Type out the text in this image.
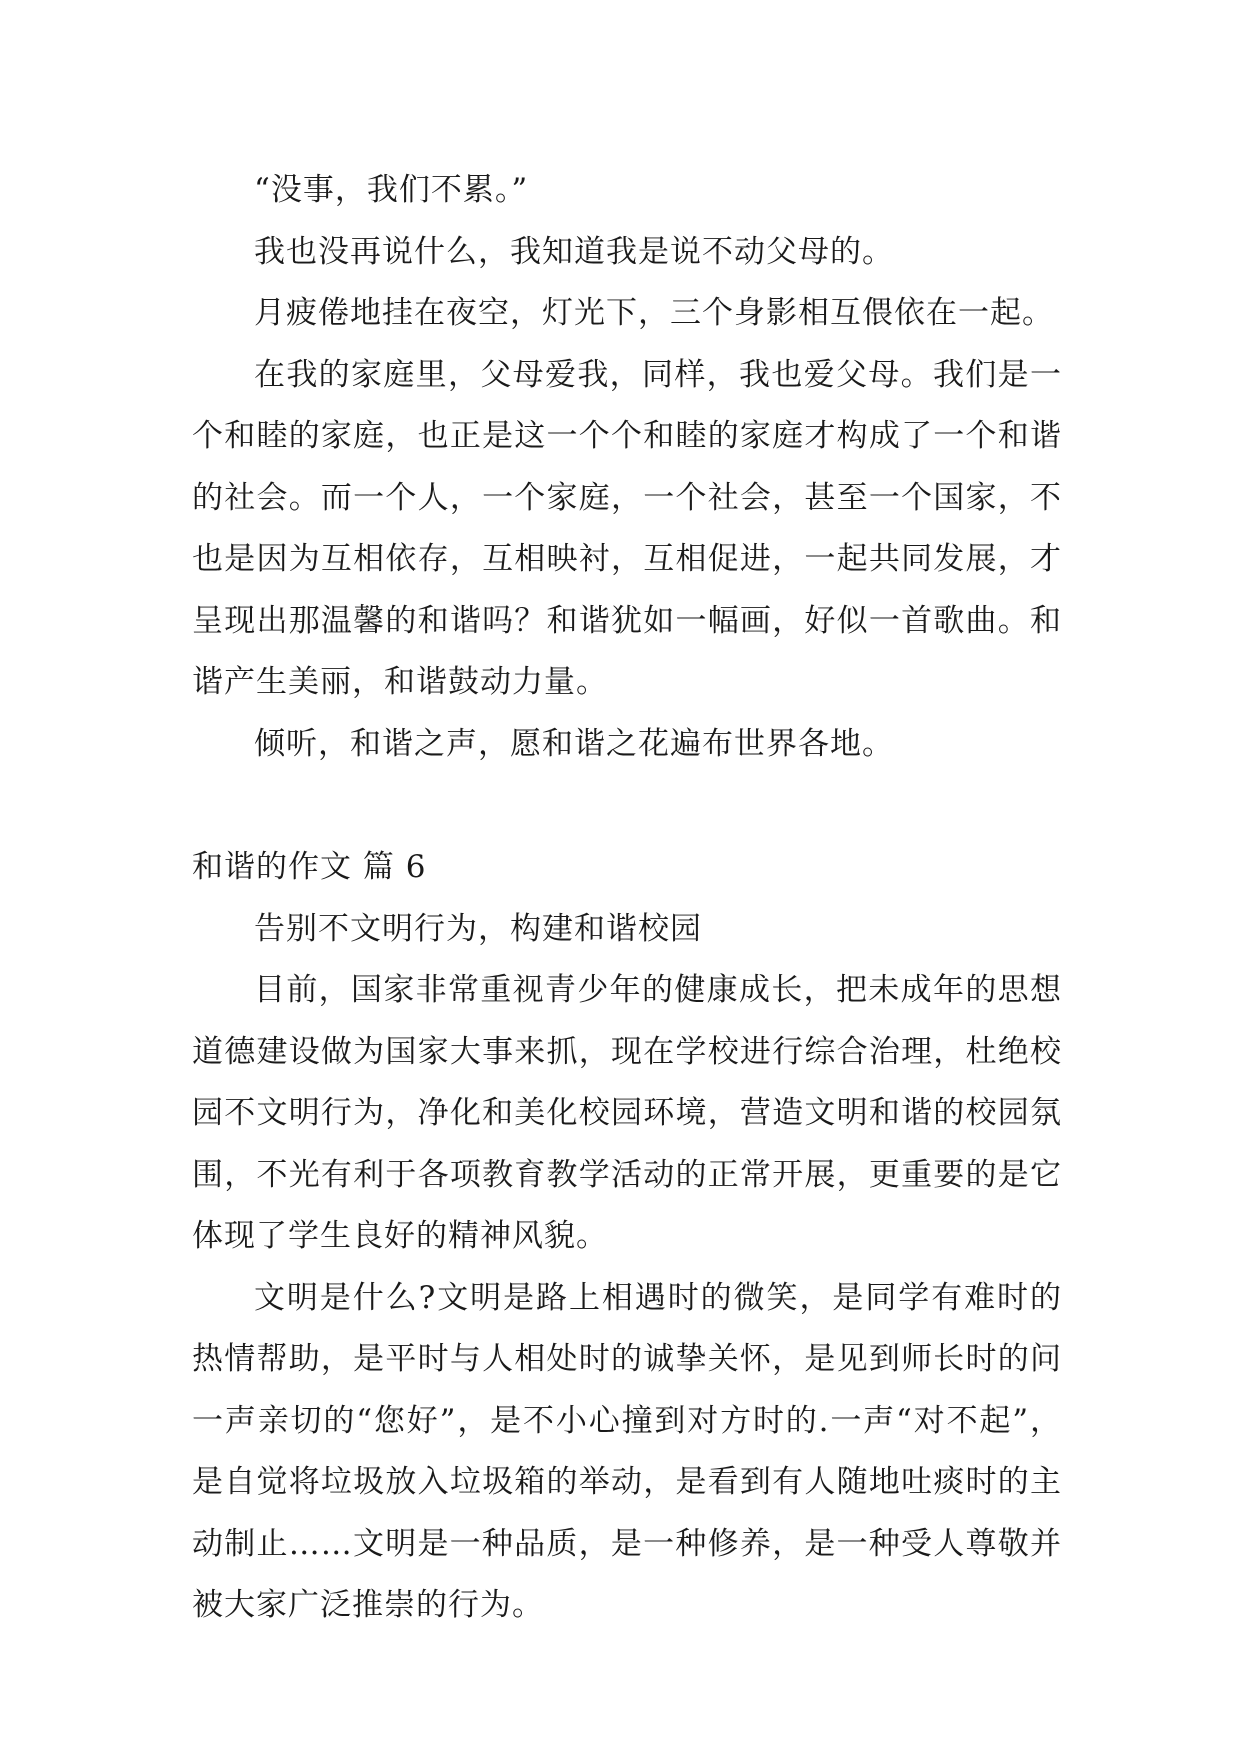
“没事，我们不累。”

我也没再说什么，我知道我是说不动父母的。

月疲倦地挂在夜空，灯光下，三个身影相互偎依在一起。

在我的家庭里，父母爱我，同样，我也爱父母。我们是一个和睦的家庭，也正是这一个个和睦的家庭才构成了一个和谐的社会。而一个人，一个家庭，一个社会，甚至一个国家，不也是因为互相依存，互相映衬，互相促进，一起共同发展，才呈现出那温馨的和谐吗？和谐犹如一幅画，好似一首歌曲。和谐产生美丽，和谐鼓动力量。

倾听，和谐之声，愿和谐之花遍布世界各地。

和谐的作文 篇 6

告别不文明行为，构建和谐校园

目前，国家非常重视青少年的健康成长，把未成年的思想道德建设做为国家大事来抓，现在学校进行综合治理，杜绝校园不文明行为，净化和美化校园环境，营造文明和谐的校园氛围，不光有利于各项教育教学活动的正常开展，更重要的是它体现了学生良好的精神风貌。

文明是什么?文明是路上相遇时的微笑，是同学有难时的热情帮助，是平时与人相处时的诚挚关怀，是见到师长时的问一声亲切的“您好”，是不小心撞到对方时的.一声“对不起”，是自觉将垃圾放入垃圾箱的举动，是看到有人随地吐痰时的主动制止……文明是一种品质，是一种修养，是一种受人尊敬并被大家广泛推崇的行为。
